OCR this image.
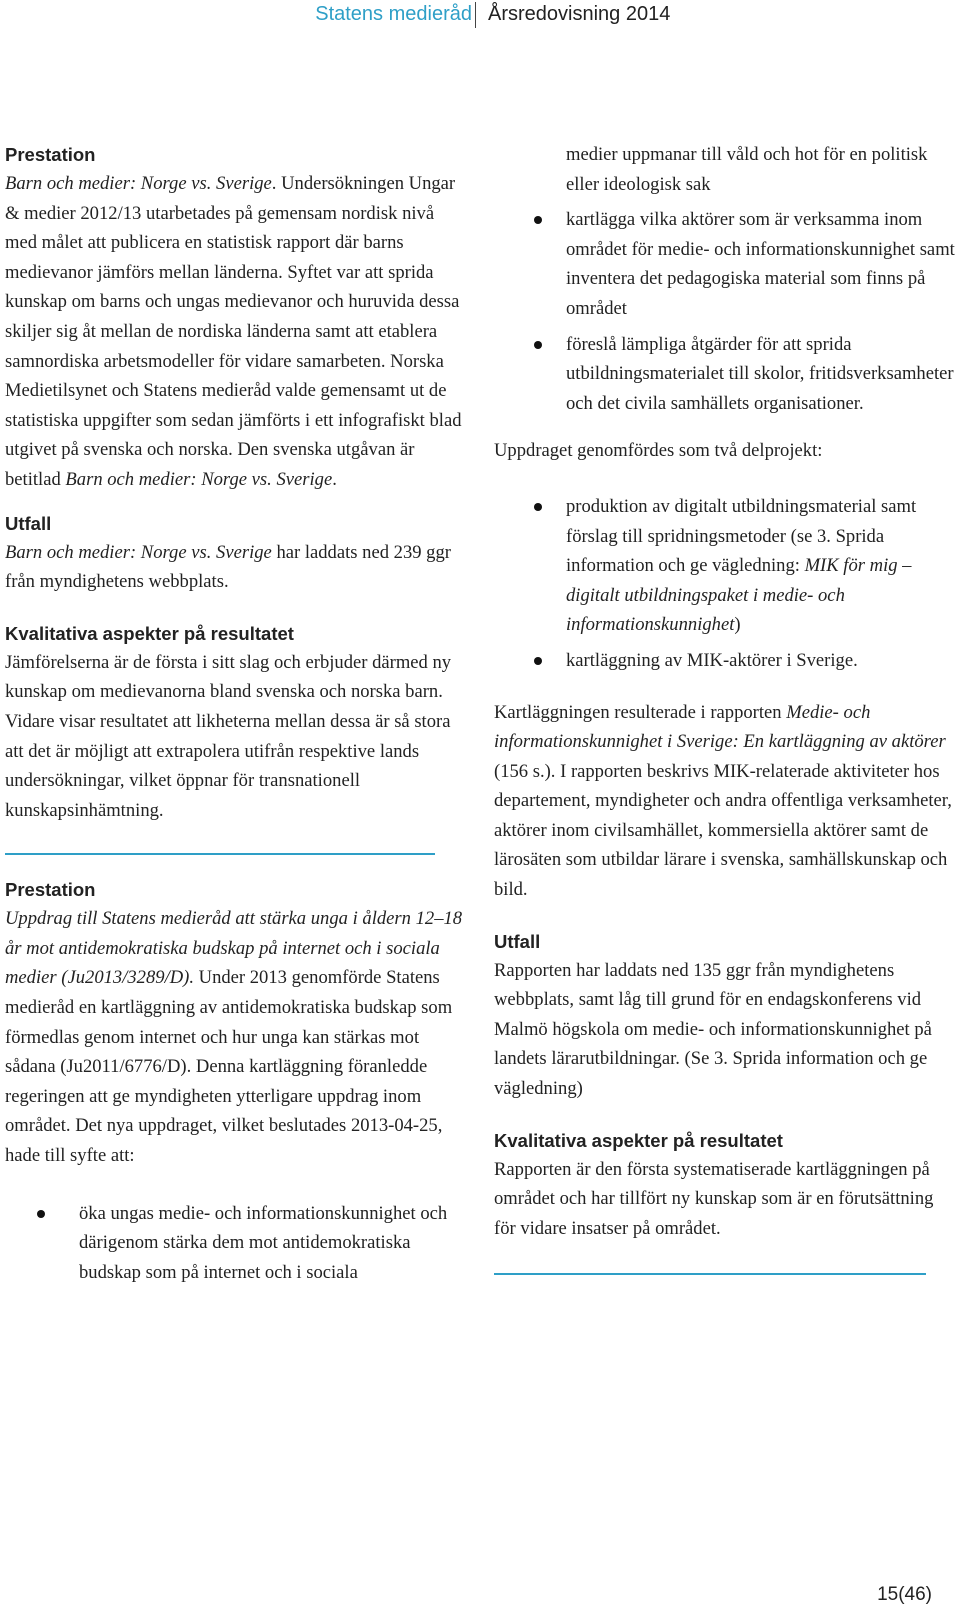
Statens medieråd Årsredovisning 2014
Prestation

Barn och medier: Norge vs. Sverige. Undersökningen Ungar & medier 2012/13 utarbetades på gemensam nordisk nivå med målet att publicera en statistisk rapport där barns medievanor jämförs mellan länderna. Syftet var att sprida kunskap om barns och ungas medievanor och huruvida dessa skiljer sig åt mellan de nordiska länderna samt att etablera samnordiska arbetsmodeller för vidare samarbeten. Norska Medietilsynet och Statens medieråd valde gemensamt ut de statistiska uppgifter som sedan jämförts i ett infografiskt blad utgivet på svenska och norska. Den svenska utgåvan är betitlad Barn och medier: Norge vs. Sverige.

Utfall

Barn och medier: Norge vs. Sverige har laddats ned 239 ggr från myndighetens webbplats.

Kvalitativa aspekter på resultatet

Jämförelserna är de första i sitt slag och erbjuder därmed ny kunskap om medievanorna bland svenska och norska barn. Vidare visar resultatet att likheterna mellan dessa är så stora att det är möjligt att extrapolera utifrån respektive lands undersökningar, vilket öppnar för transnationell kunskapsinhämtning.

Prestation

Uppdrag till Statens medieråd att stärka unga i åldern 12–18 år mot antidemokratiska budskap på internet och i sociala medier (Ju2013/3289/D). Under 2013 genomförde Statens medieråd en kartläggning av antidemokratiska budskap som förmedlas genom internet och hur unga kan stärkas mot sådana (Ju2011/6776/D). Denna kartläggning föranledde regeringen att ge myndigheten ytterligare uppdrag inom området. Det nya uppdraget, vilket beslutades 2013-04-25, hade till syfte att:

öka ungas medie- och informationskunnighet och därigenom stärka dem mot antidemokratiska budskap som på internet och i sociala
medier uppmanar till våld och hot för en politisk eller ideologisk sak
kartlägga vilka aktörer som är verksamma inom området för medie- och informationskunnighet samt inventera det pedagogiska material som finns på området
föreslå lämpliga åtgärder för att sprida utbildningsmaterialet till skolor, fritidsverksamheter och det civila samhällets organisationer.

Uppdraget genomfördes som två delprojekt:

produktion av digitalt utbildningsmaterial samt förslag till spridningsmetoder (se 3. Sprida information och ge vägledning: MIK för mig – digitalt utbildningspaket i medie- och informationskunnighet)
kartläggning av MIK-aktörer i Sverige.

Kartläggningen resulterade i rapporten Medie- och informationskunnighet i Sverige: En kartläggning av aktörer (156 s.). I rapporten beskrivs MIK-relaterade aktiviteter hos departement, myndigheter och andra offentliga verksamheter, aktörer inom civilsamhället, kommersiella aktörer samt de lärosäten som utbildar lärare i svenska, samhällskunskap och bild.

Utfall

Rapporten har laddats ned 135 ggr från myndighetens webbplats, samt låg till grund för en endagskonferens vid Malmö högskola om medie- och informationskunnighet på landets lärarutbildningar. (Se 3. Sprida information och ge vägledning)

Kvalitativa aspekter på resultatet

Rapporten är den första systematiserade kartläggningen på området och har tillfört ny kunskap som är en förutsättning för vidare insatser på området.

15(46)
